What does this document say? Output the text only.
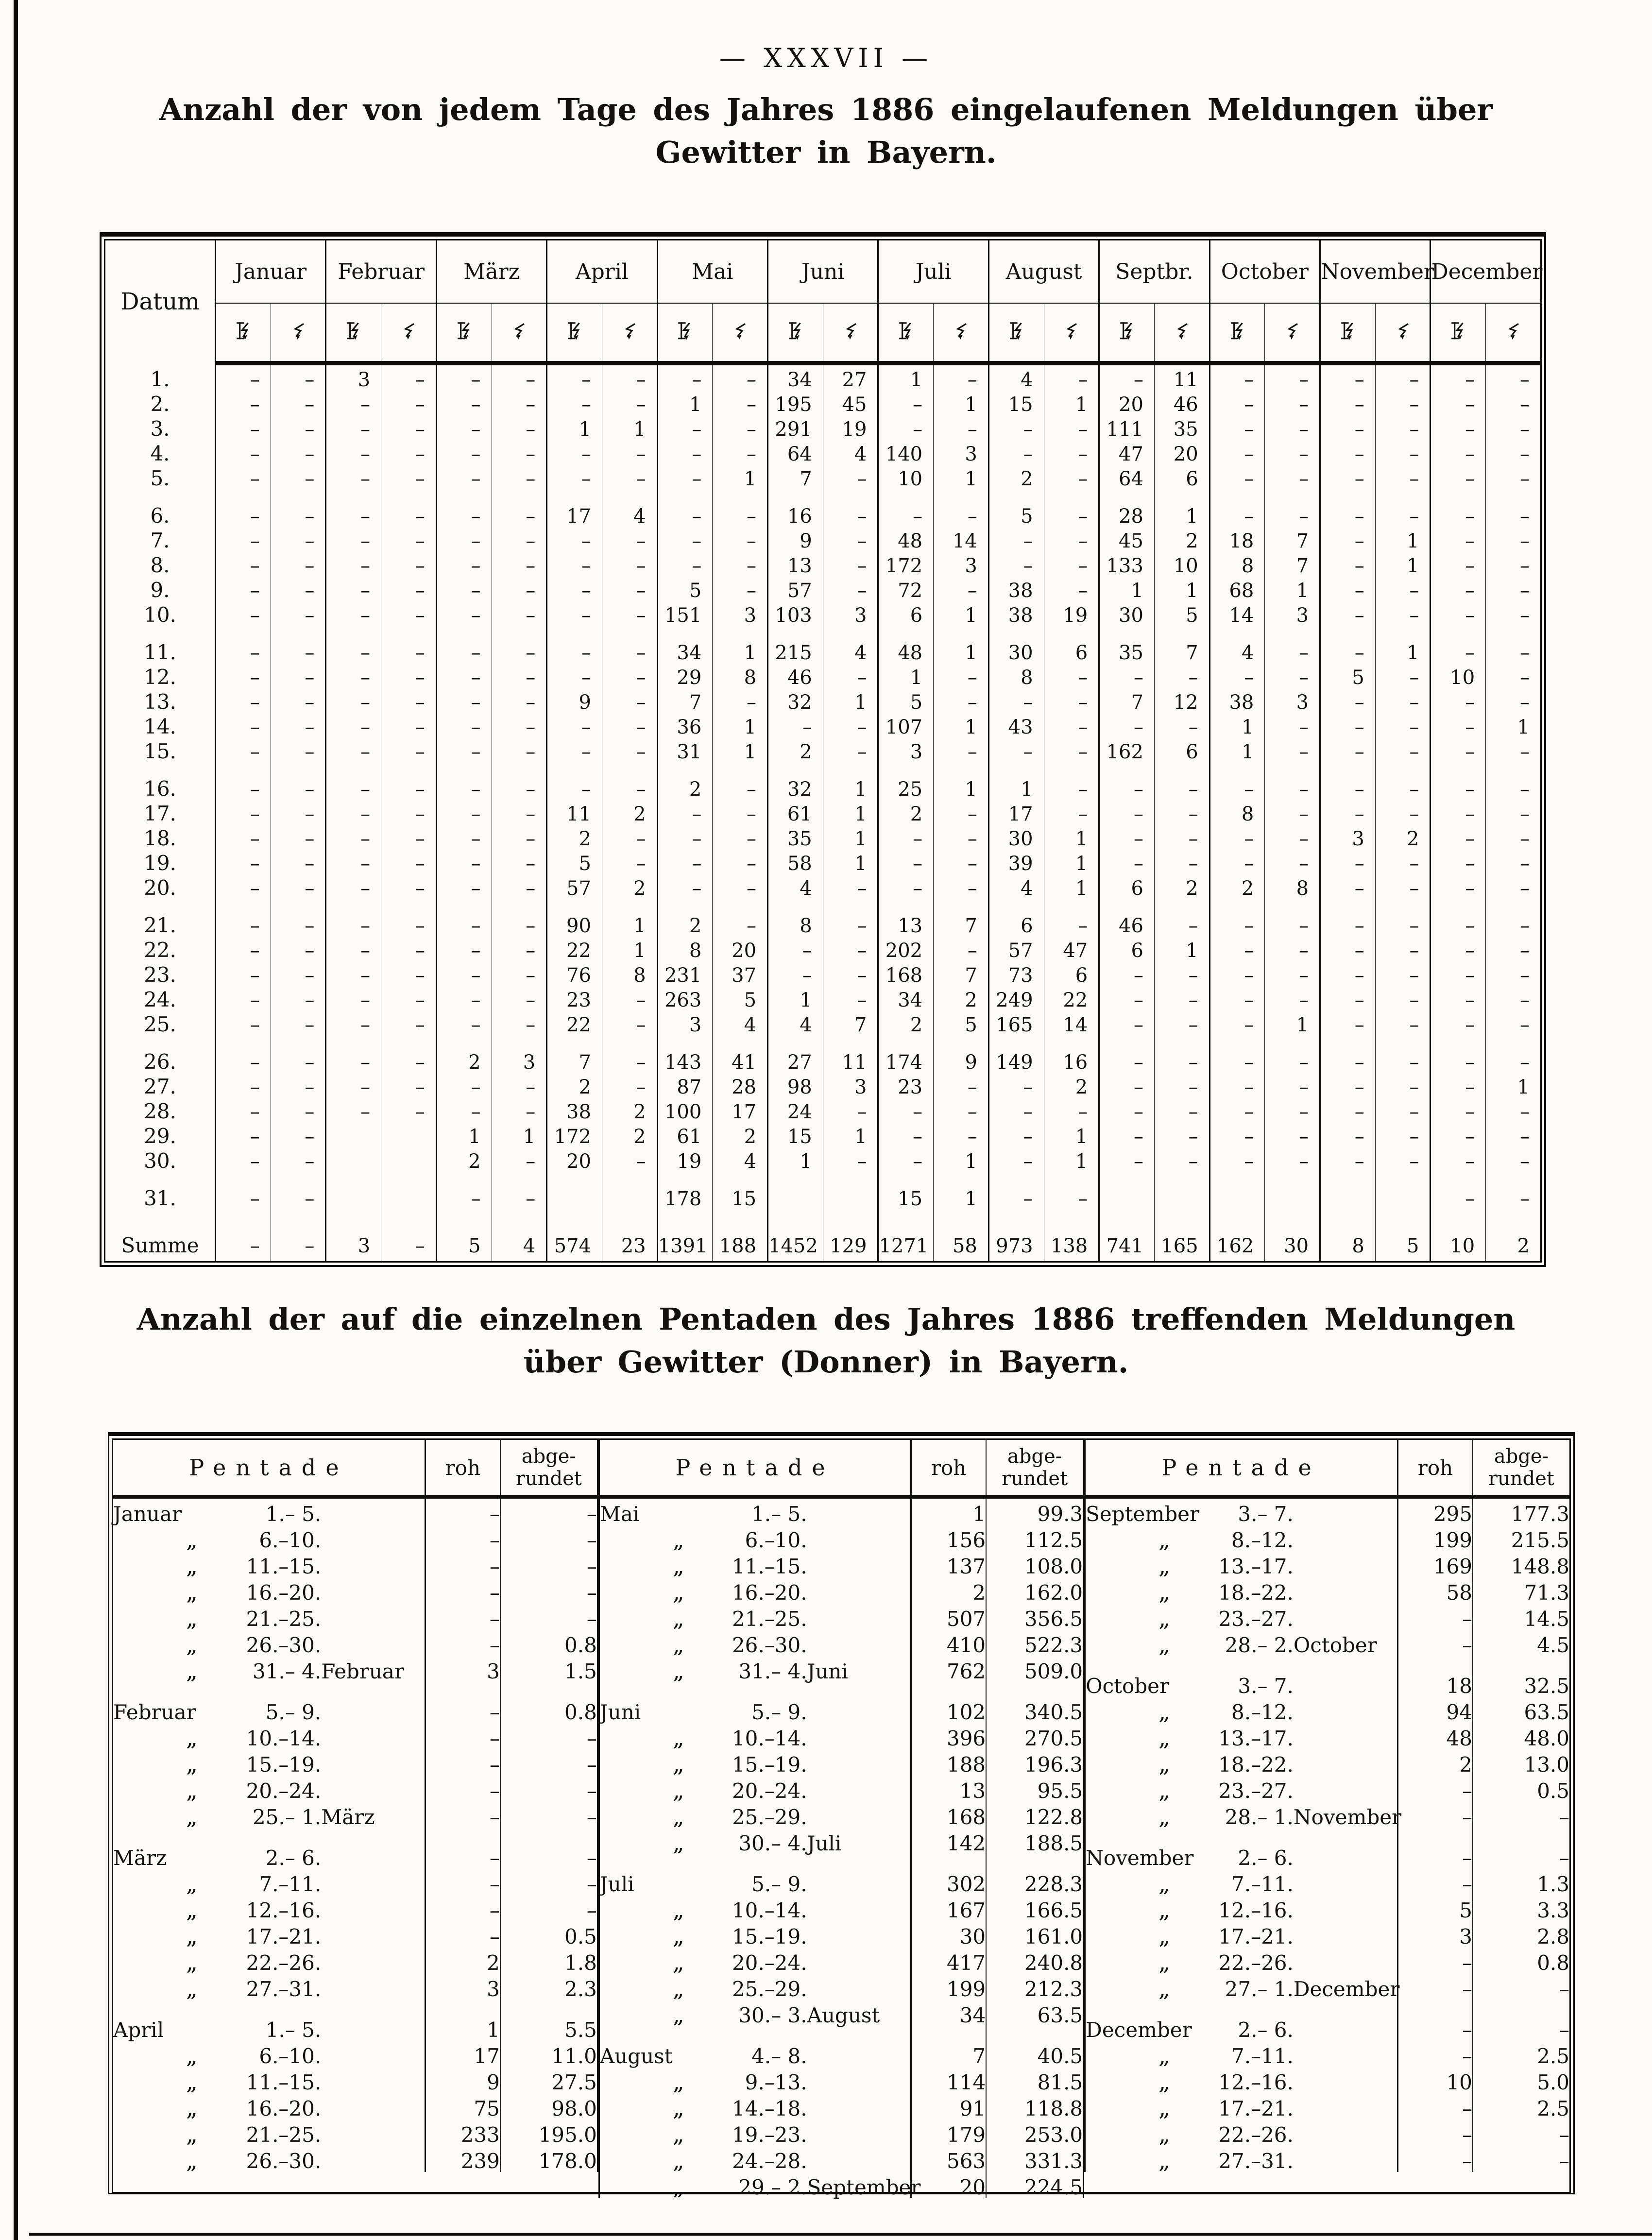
— XXXVII —
Anzahl der von jedem Tage des Jahres 1886 eingelaufenen Meldungen über
Gewitter in Bayern.
Datum	Januar		Februar		März		April		Mai		Juni		Juli		August		Septbr.		October		November		December	

1.	–	–	3	–	–	–	–	–	–	–	34	27	1	–	4	–	–	11	–	–	–	–	–	–
2.	–	–	–	–	–	–	–	–	1	–	195	45	–	1	15	1	20	46	–	–	–	–	–	–
3.	–	–	–	–	–	–	1	1	–	–	291	19	–	–	–	–	111	35	–	–	–	–	–	–
4.	–	–	–	–	–	–	–	–	–	–	64	4	140	3	–	–	47	20	–	–	–	–	–	–
5.	–	–	–	–	–	–	–	–	–	1	7	–	10	1	2	–	64	6	–	–	–	–	–	–
6.	–	–	–	–	–	–	17	4	–	–	16	–	–	–	5	–	28	1	–	–	–	–	–	–
7.	–	–	–	–	–	–	–	–	–	–	9	–	48	14	–	–	45	2	18	7	–	1	–	–
8.	–	–	–	–	–	–	–	–	–	–	13	–	172	3	–	–	133	10	8	7	–	1	–	–
9.	–	–	–	–	–	–	–	–	5	–	57	–	72	–	38	–	1	1	68	1	–	–	–	–
10.	–	–	–	–	–	–	–	–	151	3	103	3	6	1	38	19	30	5	14	3	–	–	–	–
11.	–	–	–	–	–	–	–	–	34	1	215	4	48	1	30	6	35	7	4	–	–	1	–	–
12.	–	–	–	–	–	–	–	–	29	8	46	–	1	–	8	–	–	–	–	–	5	–	10	–
13.	–	–	–	–	–	–	9	–	7	–	32	1	5	–	–	–	7	12	38	3	–	–	–	–
14.	–	–	–	–	–	–	–	–	36	1	–	–	107	1	43	–	–	–	1	–	–	–	–	1
15.	–	–	–	–	–	–	–	–	31	1	2	–	3	–	–	–	162	6	1	–	–	–	–	–
16.	–	–	–	–	–	–	–	–	2	–	32	1	25	1	1	–	–	–	–	–	–	–	–	–
17.	–	–	–	–	–	–	11	2	–	–	61	1	2	–	17	–	–	–	8	–	–	–	–	–
18.	–	–	–	–	–	–	2	–	–	–	35	1	–	–	30	1	–	–	–	–	3	2	–	–
19.	–	–	–	–	–	–	5	–	–	–	58	1	–	–	39	1	–	–	–	–	–	–	–	–
20.	–	–	–	–	–	–	57	2	–	–	4	–	–	–	4	1	6	2	2	8	–	–	–	–
21.	–	–	–	–	–	–	90	1	2	–	8	–	13	7	6	–	46	–	–	–	–	–	–	–
22.	–	–	–	–	–	–	22	1	8	20	–	–	202	–	57	47	6	1	–	–	–	–	–	–
23.	–	–	–	–	–	–	76	8	231	37	–	–	168	7	73	6	–	–	–	–	–	–	–	–
24.	–	–	–	–	–	–	23	–	263	5	1	–	34	2	249	22	–	–	–	–	–	–	–	–
25.	–	–	–	–	–	–	22	–	3	4	4	7	2	5	165	14	–	–	–	1	–	–	–	–
26.	–	–	–	–	2	3	7	–	143	41	27	11	174	9	149	16	–	–	–	–	–	–	–	–
27.	–	–	–	–	–	–	2	–	87	28	98	3	23	–	–	2	–	–	–	–	–	–	–	1
28.	–	–	–	–	–	–	38	2	100	17	24	–	–	–	–	–	–	–	–	–	–	–	–	–
29.	–	–			1	1	172	2	61	2	15	1	–	–	–	1	–	–	–	–	–	–	–	–
30.	–	–			2	–	20	–	19	4	1	–	–	1	–	1	–	–	–	–	–	–	–	–
31.	–	–			–	–			178	15			15	1	–	–							–	–
Summe	–	–	3	–	5	4	574	23	1391	188	1452	129	1271	58	973	138	741	165	162	30	8	5	10	2
Anzahl der auf die einzelnen Pentaden des Jahres 1886 treffenden Meldungen
über Gewitter (Donner) in Bayern.
Pentade			roh	abge-
rundet

Januar	1.– 5.		–	–
„	6.–10.		–	–
„	11.–15.		–	–
„	16.–20.		–	–
„	21.–25.		–	–
„	26.–30.		–	0.8
„	31.– 4.	Februar	3	1.5
Februar	5.– 9.		–	0.8
„	10.–14.		–	–
„	15.–19.		–	–
„	20.–24.		–	–
„	25.– 1.	März	–	–
März	2.– 6.		–	–
„	7.–11.		–	–
„	12.–16.		–	–
„	17.–21.		–	0.5
„	22.–26.		2	1.8
„	27.–31.		3	2.3
April	1.– 5.		1	5.5
„	6.–10.		17	11.0
„	11.–15.		9	27.5
„	16.–20.		75	98.0
„	21.–25.		233	195.0
„	26.–30.		239	178.0
Pentade			roh	abge-
rundet

Mai	1.– 5.		1	99.3
„	6.–10.		156	112.5
„	11.–15.		137	108.0
„	16.–20.		2	162.0
„	21.–25.		507	356.5
„	26.–30.		410	522.3
„	31.– 4.	Juni	762	509.0
Juni	5.– 9.		102	340.5
„	10.–14.		396	270.5
„	15.–19.		188	196.3
„	20.–24.		13	95.5
„	25.–29.		168	122.8
„	30.– 4.	Juli	142	188.5
Juli	5.– 9.		302	228.3
„	10.–14.		167	166.5
„	15.–19.		30	161.0
„	20.–24.		417	240.8
„	25.–29.		199	212.3
„	30.– 3.	August	34	63.5
August	4.– 8.		7	40.5
„	9.–13.		114	81.5
„	14.–18.		91	118.8
„	19.–23.		179	253.0
„	24.–28.		563	331.3
„	29.– 2.	September	20	224.5
Pentade			roh	abge-
rundet

September	3.– 7.		295	177.3
„	8.–12.		199	215.5
„	13.–17.		169	148.8
„	18.–22.		58	71.3
„	23.–27.		–	14.5
„	28.– 2.	October	–	4.5
October	3.– 7.		18	32.5
„	8.–12.		94	63.5
„	13.–17.		48	48.0
„	18.–22.		2	13.0
„	23.–27.		–	0.5
„	28.– 1.	November	–	–
November	2.– 6.		–	–
„	7.–11.		–	1.3
„	12.–16.		5	3.3
„	17.–21.		3	2.8
„	22.–26.		–	0.8
„	27.– 1.	December	–	–
December	2.– 6.		–	–
„	7.–11.		–	2.5
„	12.–16.		10	5.0
„	17.–21.		–	2.5
„	22.–26.		–	–
„	27.–31.		–	–
